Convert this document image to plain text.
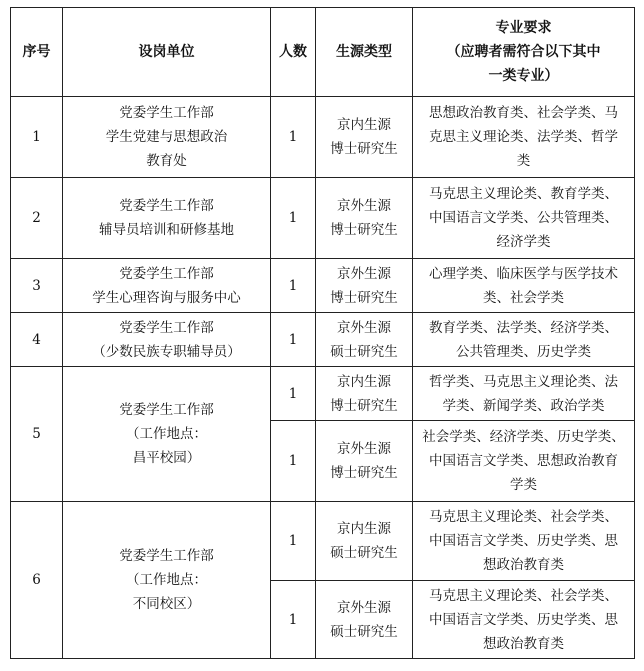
序号	设岗单位	人数	生源类型	专业要求
（应聘者需符合以下其中
一类专业）

1	党委学生工作部
学生党建与思想政治
教育处	1	京内生源
博士研究生	思想政治教育类、社会学类、马
克思主义理论类、法学类、哲学
类

2	党委学生工作部
辅导员培训和研修基地	1	京外生源
博士研究生	马克思主义理论类、教育学类、
中国语言文学类、公共管理类、
经济学类

3	党委学生工作部
学生心理咨询与服务中心	1	京外生源
博士研究生	心理学类、临床医学与医学技术
类、社会学类

4	党委学生工作部
（少数民族专职辅导员）	1	京外生源
硕士研究生	教育学类、法学类、经济学类、
公共管理类、历史学类

5	党委学生工作部
（工作地点：
昌平校园）	1	京内生源
博士研究生	哲学类、马克思主义理论类、法
学类、新闻学类、政治学类

		1	京外生源
博士研究生	社会学类、经济学类、历史学类、
中国语言文学类、思想政治教育
学类

6	党委学生工作部
（工作地点：
不同校区）	1	京内生源
硕士研究生	马克思主义理论类、社会学类、
中国语言文学类、历史学类、思
想政治教育类

		1	京外生源
硕士研究生	马克思主义理论类、社会学类、
中国语言文学类、历史学类、思
想政治教育类
